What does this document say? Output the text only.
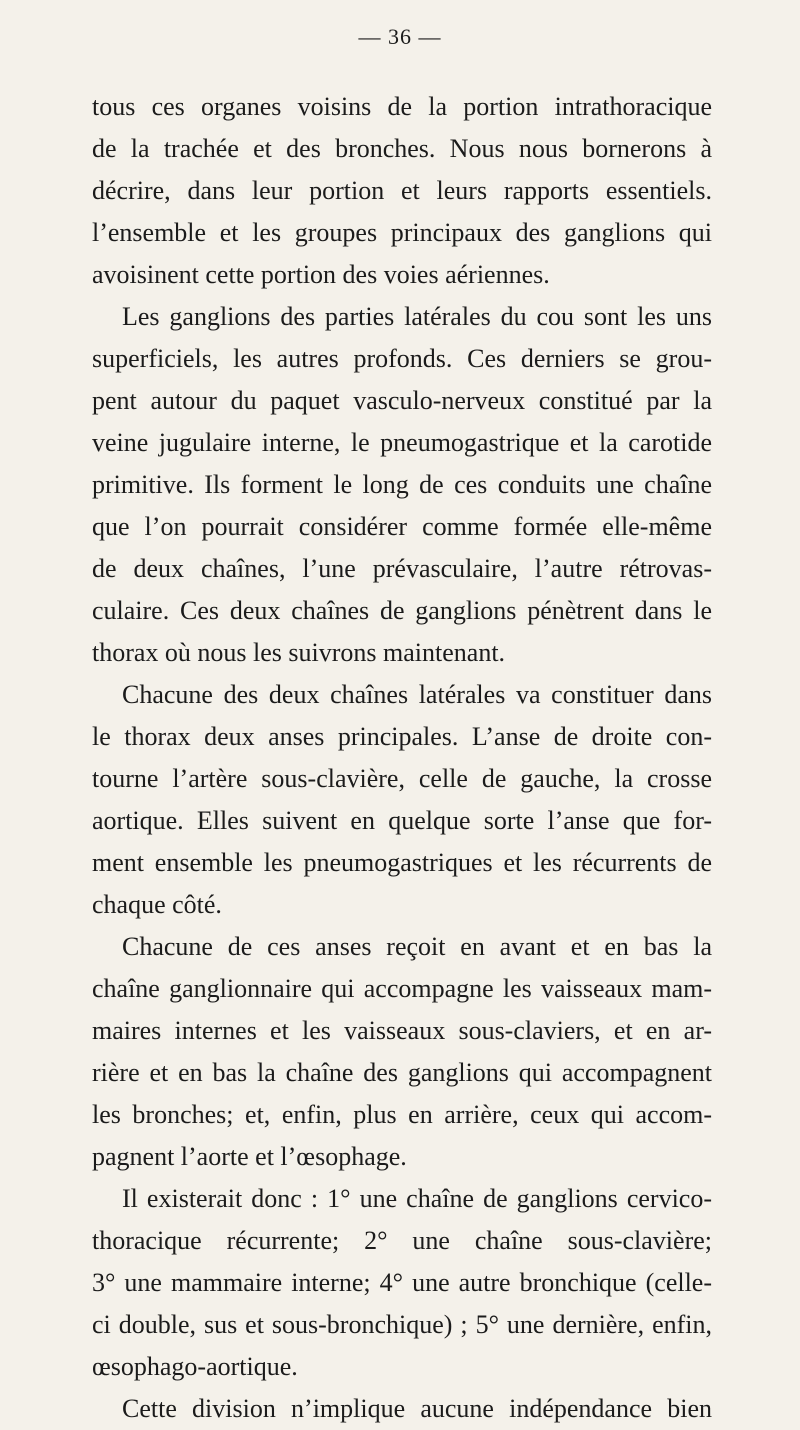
— 36 —
tous ces organes voisins de la portion intrathoracique
de la trachée et des bronches. Nous nous bornerons à
décrire, dans leur portion et leurs rapports essentiels.
l’ensemble et les groupes principaux des ganglions qui
avoisinent cette portion des voies aériennes.
Les ganglions des parties latérales du cou sont les uns
superficiels, les autres profonds. Ces derniers se grou-
pent autour du paquet vasculo-nerveux constitué par la
veine jugulaire interne, le pneumogastrique et la carotide
primitive. Ils forment le long de ces conduits une chaîne
que l’on pourrait considérer comme formée elle-même
de deux chaînes, l’une prévasculaire, l’autre rétrovas-
culaire. Ces deux chaînes de ganglions pénètrent dans le
thorax où nous les suivrons maintenant.
Chacune des deux chaînes latérales va constituer dans
le thorax deux anses principales. L’anse de droite con-
tourne l’artère sous-clavière, celle de gauche, la crosse
aortique. Elles suivent en quelque sorte l’anse que for-
ment ensemble les pneumogastriques et les récurrents de
chaque côté.
Chacune de ces anses reçoit en avant et en bas la
chaîne ganglionnaire qui accompagne les vaisseaux mam-
maires internes et les vaisseaux sous-claviers, et en ar-
rière et en bas la chaîne des ganglions qui accompagnent
les bronches; et, enfin, plus en arrière, ceux qui accom-
pagnent l’aorte et l’œsophage.
Il existerait donc : 1° une chaîne de ganglions cervico-
thoracique récurrente; 2° une chaîne sous-clavière;
3° une mammaire interne; 4° une autre bronchique (celle-
ci double, sus et sous-bronchique) ; 5° une dernière, enfin,
œsophago-aortique.
Cette division n’implique aucune indépendance bien
